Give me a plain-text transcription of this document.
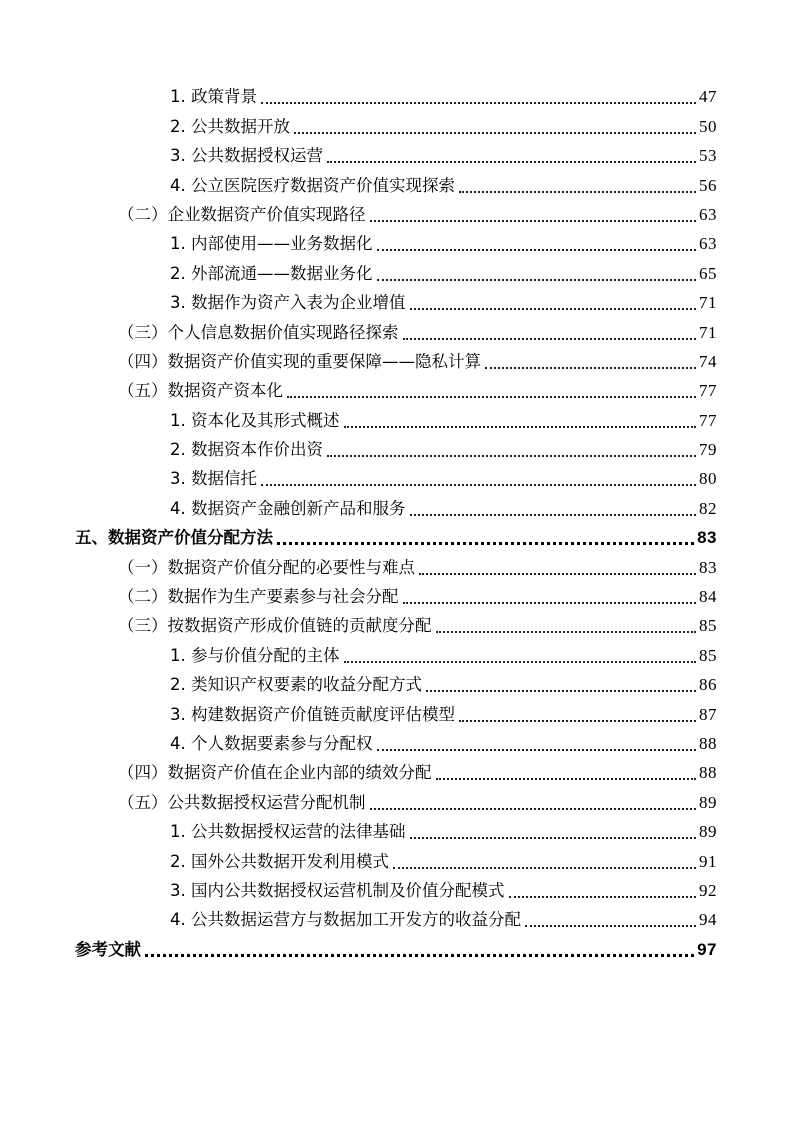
1. 政策背景	47
2. 公共数据开放	50
3. 公共数据授权运营	53
4. 公立医院医疗数据资产价值实现探索	56
（二）企业数据资产价值实现路径	63
1. 内部使用——业务数据化	63
2. 外部流通——数据业务化	65
3. 数据作为资产入表为企业增值	71
（三）个人信息数据价值实现路径探索	71
（四）数据资产价值实现的重要保障——隐私计算	74
（五）数据资产资本化	77
1. 资本化及其形式概述	77
2. 数据资本作价出资	79
3. 数据信托	80
4. 数据资产金融创新产品和服务	82
五、数据资产价值分配方法	83
（一）数据资产价值分配的必要性与难点	83
（二）数据作为生产要素参与社会分配	84
（三）按数据资产形成价值链的贡献度分配	85
1. 参与价值分配的主体	85
2. 类知识产权要素的收益分配方式	86
3. 构建数据资产价值链贡献度评估模型	87
4. 个人数据要素参与分配权	88
（四）数据资产价值在企业内部的绩效分配	88
（五）公共数据授权运营分配机制	89
1. 公共数据授权运营的法律基础	89
2. 国外公共数据开发利用模式	91
3. 国内公共数据授权运营机制及价值分配模式	92
4. 公共数据运营方与数据加工开发方的收益分配	94
参考文献	97
